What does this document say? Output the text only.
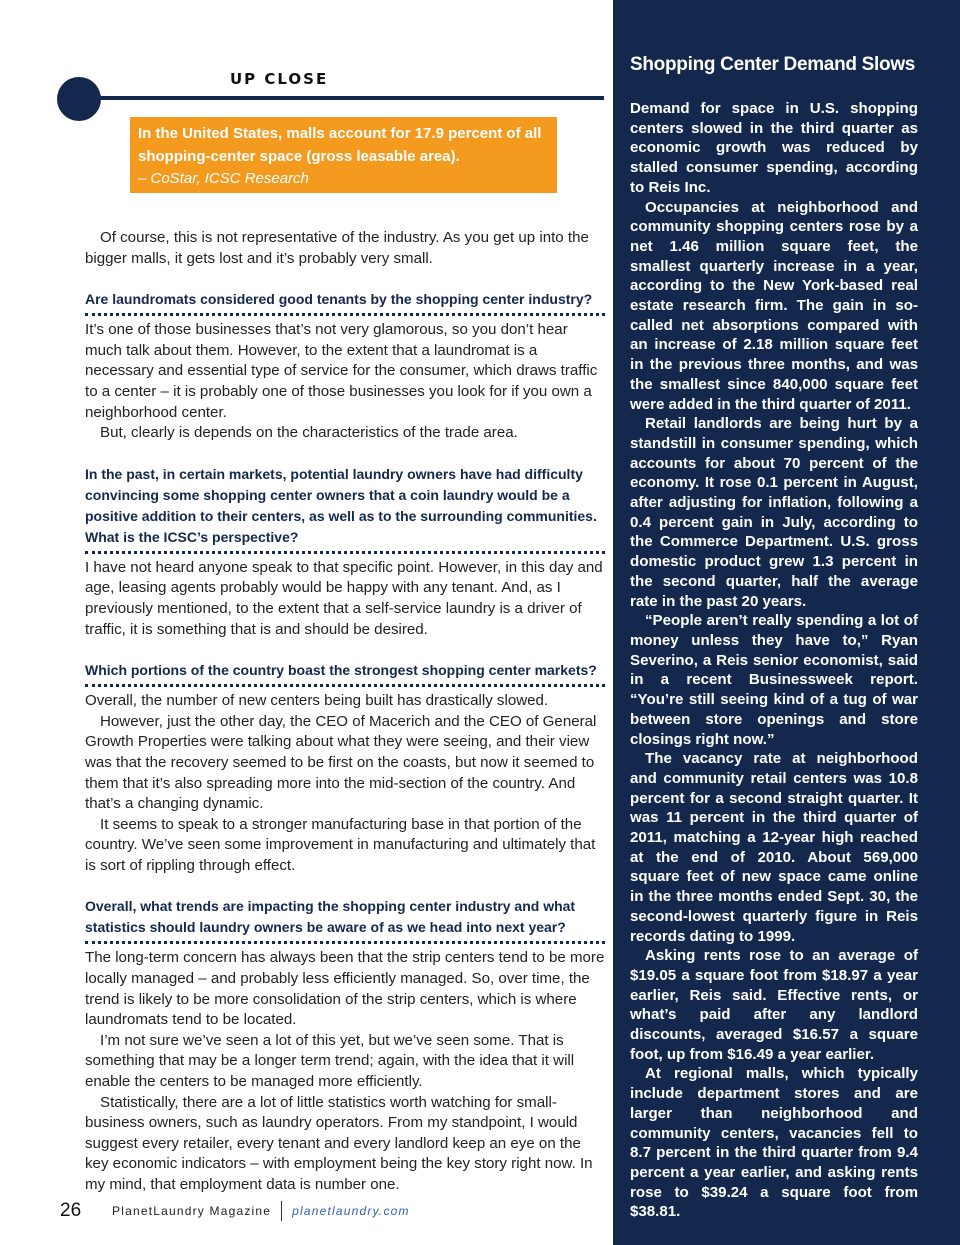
UP CLOSE
In the United States, malls account for 17.9 percent of all shopping-center space (gross leasable area).
– CoStar, ICSC Research

Of course, this is not representative of the industry. As you get up into the bigger malls, it gets lost and it’s probably very small.

Are laundromats considered good tenants by the shopping center industry?

It’s one of those businesses that’s not very glamorous, so you don’t hear much talk about them. However, to the extent that a laundromat is a necessary and essential type of service for the consumer, which draws traffic to a center – it is probably one of those businesses you look for if you own a neighborhood center.

But, clearly is depends on the characteristics of the trade area.

In the past, in certain markets, potential laundry owners have had difficulty convincing some shopping center owners that a coin laundry would be a positive addition to their centers, as well as to the surrounding communities. What is the ICSC’s perspective?

I have not heard anyone speak to that specific point. However, in this day and age, leasing agents probably would be happy with any tenant. And, as I previously mentioned, to the extent that a self-service laundry is a driver of traffic, it is something that is and should be desired.

Which portions of the country boast the strongest shopping center markets?

Overall, the number of new centers being built has drastically slowed.

However, just the other day, the CEO of Macerich and the CEO of General Growth Properties were talking about what they were seeing, and their view was that the recovery seemed to be first on the coasts, but now it seemed to them that it’s also spreading more into the mid-section of the country. And that’s a changing dynamic.

It seems to speak to a stronger manufacturing base in that portion of the country. We’ve seen some improvement in manufacturing and ultimately that is sort of rippling through effect.

Overall, what trends are impacting the shopping center industry and what statistics should laundry owners be aware of as we head into next year?

The long-term concern has always been that the strip centers tend to be more locally managed – and probably less efficiently managed. So, over time, the trend is likely to be more consolidation of the strip centers, which is where laundromats tend to be located.

I’m not sure we’ve seen a lot of this yet, but we’ve seen some. That is something that may be a longer term trend; again, with the idea that it will enable the centers to be managed more efficiently.

Statistically, there are a lot of little statistics worth watching for small-business owners, such as laundry operators. From my standpoint, I would suggest every retailer, every tenant and every landlord keep an eye on the key economic indicators – with employment being the key story right now. In my mind, that employment data is number one.

26	PlanetLaundry Magazine planetlaundry.com
Shopping Center Demand Slows

Demand for space in U.S. shopping centers slowed in the third quarter as economic growth was reduced by stalled consumer spending, according to Reis Inc.

Occupancies at neighborhood and community shopping centers rose by a net 1.46 million square feet, the smallest quarterly increase in a year, according to the New York-based real estate research firm. The gain in so-called net absorptions compared with an increase of 2.18 million square feet in the previous three months, and was the smallest since 840,000 square feet were added in the third quarter of 2011.

Retail landlords are being hurt by a standstill in consumer spending, which accounts for about 70 percent of the economy. It rose 0.1 percent in August, after adjusting for inflation, following a 0.4 percent gain in July, according to the Commerce Department. U.S. gross domestic product grew 1.3 percent in the second quarter, half the average rate in the past 20 years.

“People aren’t really spending a lot of money unless they have to,” Ryan Severino, a Reis senior economist, said in a recent Businessweek report. “You’re still seeing kind of a tug of war between store openings and store closings right now.”

The vacancy rate at neighborhood and community retail centers was 10.8 percent for a second straight quarter. It was 11 percent in the third quarter of 2011, matching a 12-year high reached at the end of 2010. About 569,000 square feet of new space came online in the three months ended Sept. 30, the second-lowest quarterly figure in Reis records dating to 1999.

Asking rents rose to an average of $19.05 a square foot from $18.97 a year earlier, Reis said. Effective rents, or what’s paid after any landlord discounts, averaged $16.57 a square foot, up from $16.49 a year earlier.

At regional malls, which typically include department stores and are larger than neighborhood and community centers, vacancies fell to 8.7 percent in the third quarter from 9.4 percent a year earlier, and asking rents rose to $39.24 a square foot from $38.81.
